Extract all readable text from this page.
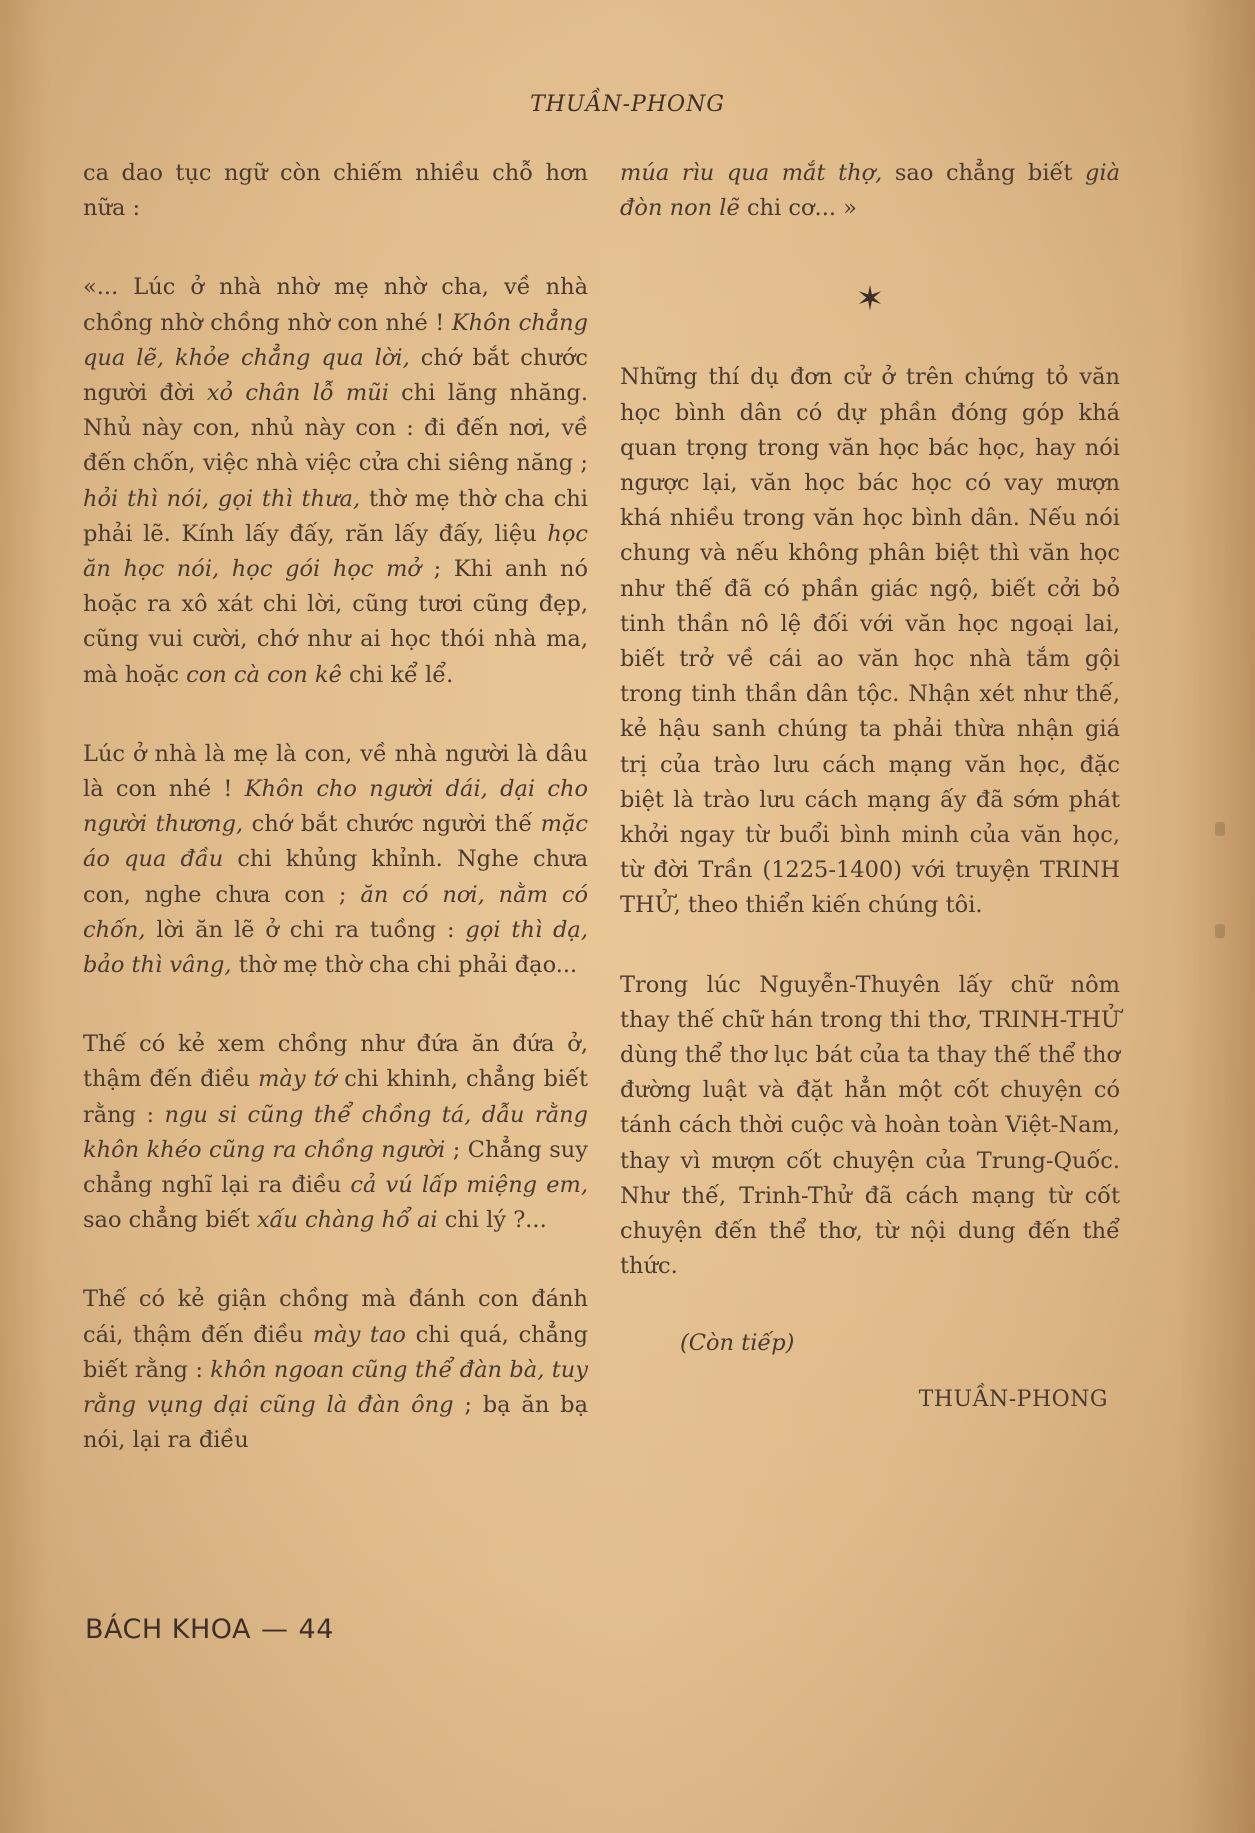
THUẦN-PHONG

ca dao tục ngữ còn chiếm nhiều chỗ hơn nữa :

«... Lúc ở nhà nhờ mẹ nhờ cha, về nhà chồng nhờ chồng nhờ con nhé ! Khôn chẳng qua lẽ, khỏe chẳng qua lời, chớ bắt chước người đời xỏ chân lỗ mũi chi lăng nhăng. Nhủ này con, nhủ này con : đi đến nơi, về đến chốn, việc nhà việc cửa chi siêng năng ; hỏi thì nói, gọi thì thưa, thờ mẹ thờ cha chi phải lẽ. Kính lấy đấy, răn lấy đấy, liệu học ăn học nói, học gói học mở ; Khi anh nó hoặc ra xô xát chi lời, cũng tươi cũng đẹp, cũng vui cười, chớ như ai học thói nhà ma, mà hoặc con cà con kê chi kể lể.

Lúc ở nhà là mẹ là con, về nhà người là dâu là con nhé ! Khôn cho người dái, dại cho người thương, chớ bắt chước người thế mặc áo qua đầu chi khủng khỉnh. Nghe chưa con, nghe chưa con ; ăn có nơi, nằm có chốn, lời ăn lẽ ở chi ra tuồng : gọi thì dạ, bảo thì vâng, thờ mẹ thờ cha chi phải đạo...

Thế có kẻ xem chồng như đứa ăn đứa ở, thậm đến điều mày tớ chi khinh, chẳng biết rằng : ngu si cũng thể chồng tá, dẫu rằng khôn khéo cũng ra chồng người ; Chẳng suy chẳng nghĩ lại ra điều cả vú lấp miệng em, sao chẳng biết xấu chàng hổ ai chi lý ?...

Thế có kẻ giận chồng mà đánh con đánh cái, thậm đến điều mày tao chi quá, chẳng biết rằng : khôn ngoan cũng thể đàn bà, tuy rằng vụng dại cũng là đàn ông ; bạ ăn bạ nói, lại ra điều

múa rìu qua mắt thợ, sao chẳng biết già đòn non lẽ chi cơ... »

✶

Những thí dụ đơn cử ở trên chứng tỏ văn học bình dân có dự phần đóng góp khá quan trọng trong văn học bác học, hay nói ngược lại, văn học bác học có vay mượn khá nhiều trong văn học bình dân. Nếu nói chung và nếu không phân biệt thì văn học như thế đã có phần giác ngộ, biết cởi bỏ tinh thần nô lệ đối với văn học ngoại lai, biết trở về cái ao văn học nhà tắm gội trong tinh thần dân tộc. Nhận xét như thế, kẻ hậu sanh chúng ta phải thừa nhận giá trị của trào lưu cách mạng văn học, đặc biệt là trào lưu cách mạng ấy đã sớm phát khởi ngay từ buổi bình minh của văn học, từ đời Trần (1225-1400) với truyện TRINH THỬ, theo thiển kiến chúng tôi.

Trong lúc Nguyễn-Thuyên lấy chữ nôm thay thế chữ hán trong thi thơ, TRINH-THỬ dùng thể thơ lục bát của ta thay thế thể thơ đường luật và đặt hẳn một cốt chuyện có tánh cách thời cuộc và hoàn toàn Việt-Nam, thay vì mượn cốt chuyện của Trung-Quốc. Như thế, Trinh-Thử đã cách mạng từ cốt chuyện đến thể thơ, từ nội dung đến thể thức.

(Còn tiếp)

THUẦN-PHONG

BÁCH KHOA — 44
